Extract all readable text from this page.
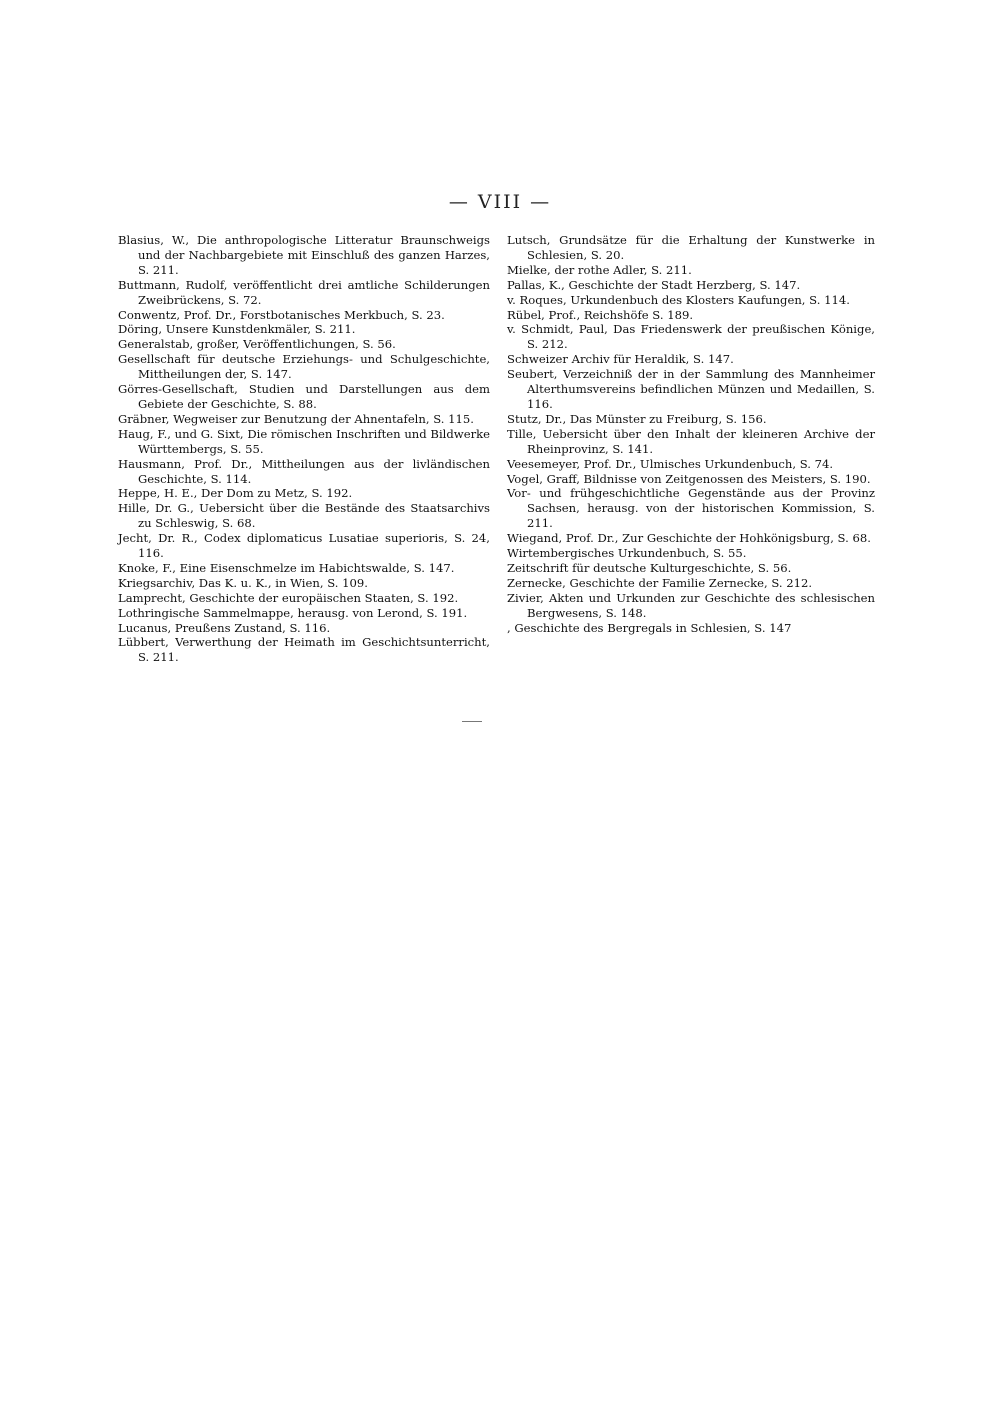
— VIII —
Blasius, W., Die anthropologische Litteratur Braunschweigs und der Nachbargebiete mit Einschluß des ganzen Harzes, S. 211.
Buttmann, Rudolf, veröffentlicht drei amtliche Schilderungen Zweibrückens, S. 72.
Conwentz, Prof. Dr., Forstbotanisches Merkbuch, S. 23.
Döring, Unsere Kunstdenkmäler, S. 211.
Generalstab, großer, Veröffentlichungen, S. 56.
Gesellschaft für deutsche Erziehungs- und Schulgeschichte, Mittheilungen der, S. 147.
Görres-Gesellschaft, Studien und Darstellungen aus dem Gebiete der Geschichte, S. 88.
Gräbner, Wegweiser zur Benutzung der Ahnentafeln, S. 115.
Haug, F., und G. Sixt, Die römischen Inschriften und Bildwerke Württembergs, S. 55.
Hausmann, Prof. Dr., Mittheilungen aus der livländischen Geschichte, S. 114.
Heppe, H. E., Der Dom zu Metz, S. 192.
Hille, Dr. G., Uebersicht über die Bestände des Staatsarchivs zu Schleswig, S. 68.
Jecht, Dr. R., Codex diplomaticus Lusatiae superioris, S. 24, 116.
Knoke, F., Eine Eisenschmelze im Habichtswalde, S. 147.
Kriegsarchiv, Das K. u. K., in Wien, S. 109.
Lamprecht, Geschichte der europäischen Staaten, S. 192.
Lothringische Sammelmappe, herausg. von Lerond, S. 191.
Lucanus, Preußens Zustand, S. 116.
Lübbert, Verwerthung der Heimath im Geschichtsunterricht, S. 211.
Lutsch, Grundsätze für die Erhaltung der Kunstwerke in Schlesien, S. 20.
Mielke, der rothe Adler, S. 211.
Pallas, K., Geschichte der Stadt Herzberg, S. 147.
v. Roques, Urkundenbuch des Klosters Kaufungen, S. 114.
Rübel, Prof., Reichshöfe S. 189.
v. Schmidt, Paul, Das Friedenswerk der preußischen Könige, S. 212.
Schweizer Archiv für Heraldik, S. 147.
Seubert, Verzeichniß der in der Sammlung des Mannheimer Alterthumsvereins befindlichen Münzen und Medaillen, S. 116.
Stutz, Dr., Das Münster zu Freiburg, S. 156.
Tille, Uebersicht über den Inhalt der kleineren Archive der Rheinprovinz, S. 141.
Veesemeyer, Prof. Dr., Ulmisches Urkundenbuch, S. 74.
Vogel, Graff, Bildnisse von Zeitgenossen des Meisters, S. 190.
Vor- und frühgeschichtliche Gegenstände aus der Provinz Sachsen, herausg. von der historischen Kommission, S. 211.
Wiegand, Prof. Dr., Zur Geschichte der Hohkönigsburg, S. 68.
Wirtembergisches Urkundenbuch, S. 55.
Zeitschrift für deutsche Kulturgeschichte, S. 56.
Zernecke, Geschichte der Familie Zernecke, S. 212.
Zivier, Akten und Urkunden zur Geschichte des schlesischen Bergwesens, S. 148.
, Geschichte des Bergregals in Schlesien, S. 147
